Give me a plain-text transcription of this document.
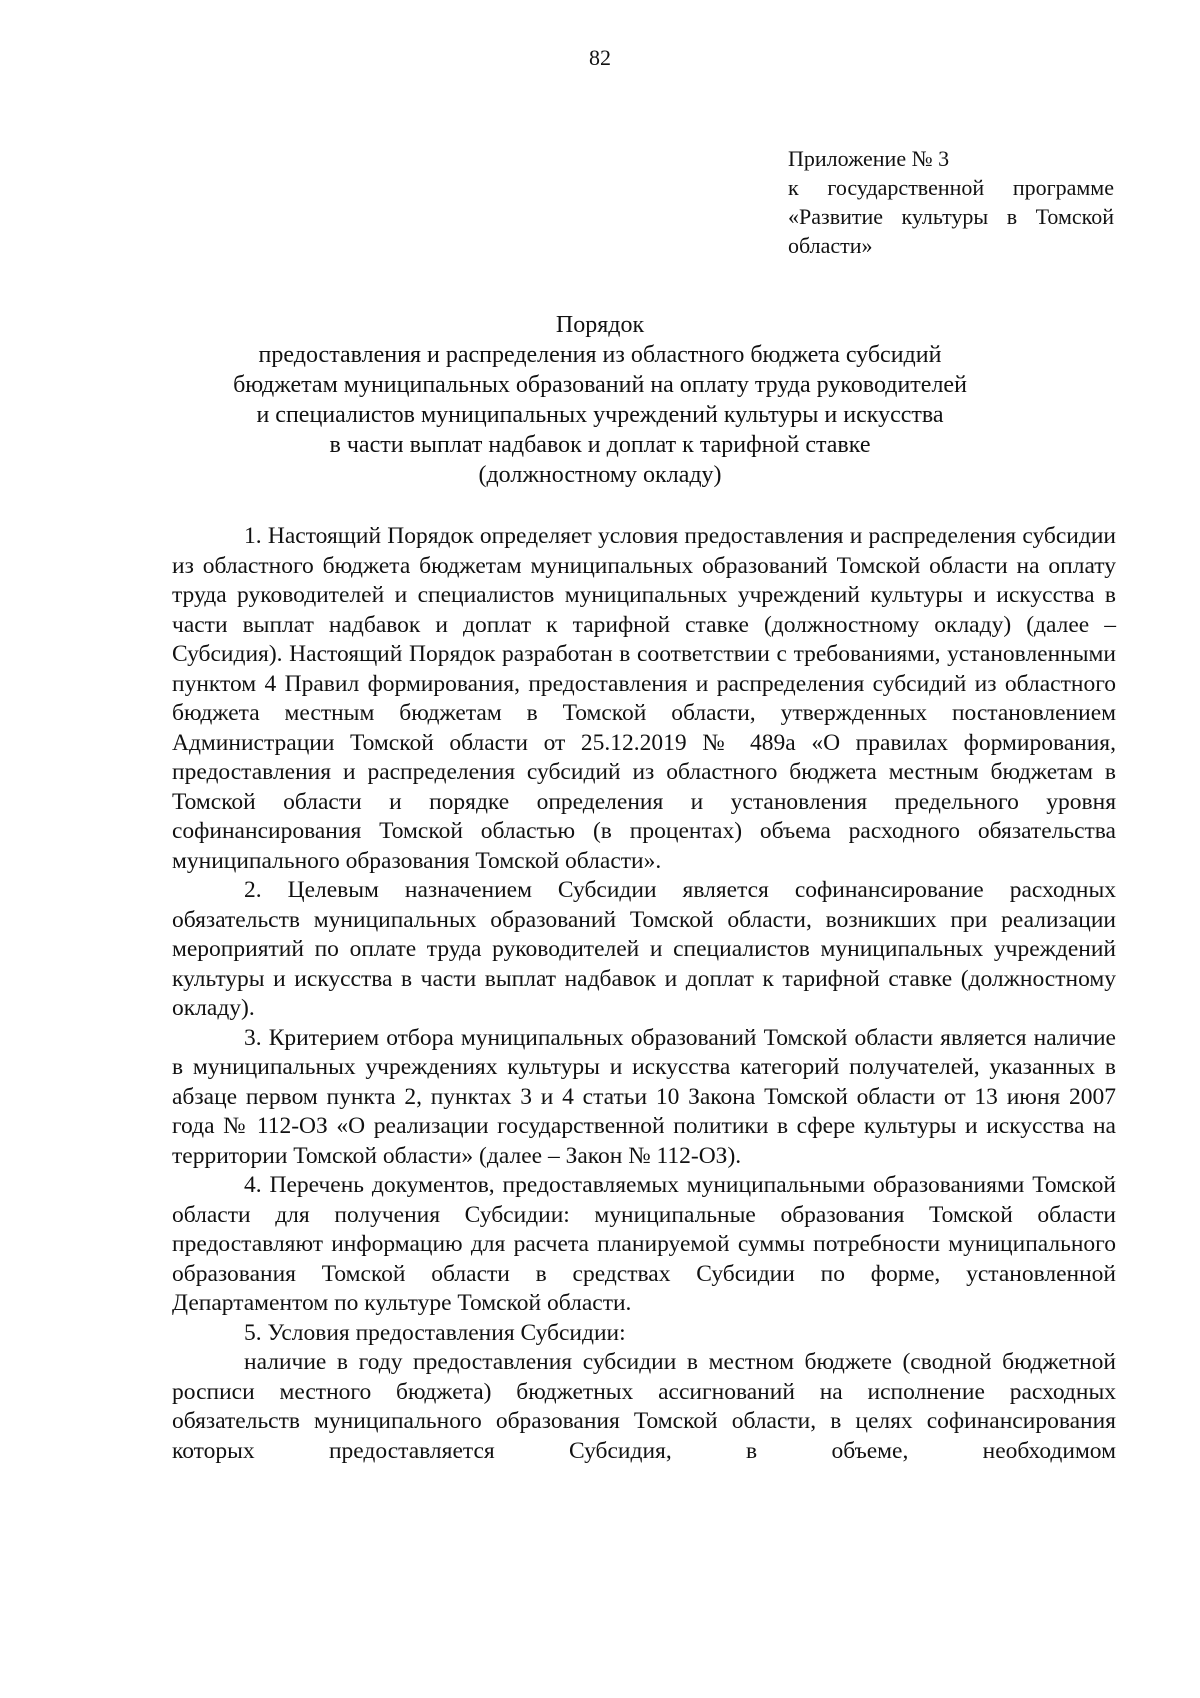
82
Приложение № 3
к государственной программе
«Развитие культуры в Томской
области»
Порядок
предоставления и распределения из областного бюджета субсидий
бюджетам муниципальных образований на оплату труда руководителей
и специалистов муниципальных учреждений культуры и искусства
в части выплат надбавок и доплат к тарифной ставке
(должностному окладу)

1. Настоящий Порядок определяет условия предоставления и распределения субсидии из областного бюджета бюджетам муниципальных образований Томской области на оплату труда руководителей и специалистов муниципальных учреждений культуры и искусства в части выплат надбавок и доплат к тарифной ставке (должностному окладу) (далее – Субсидия). Настоящий Порядок разработан в соответствии с требованиями, установленными пунктом 4 Правил формирования, предоставления и распределения субсидий из областного бюджета местным бюджетам в Томской области, утвержденных постановлением Администрации Томской области от 25.12.2019 № 489а «О правилах формирования, предоставления и распределения субсидий из областного бюджета местным бюджетам в Томской области и порядке определения и установления предельного уровня софинансирования Томской областью (в процентах) объема расходного обязательства муниципального образования Томской области».

2. Целевым назначением Субсидии является софинансирование расходных обязательств муниципальных образований Томской области, возникших при реализации мероприятий по оплате труда руководителей и специалистов муниципальных учреждений культуры и искусства в части выплат надбавок и доплат к тарифной ставке (должностному окладу).

3. Критерием отбора муниципальных образований Томской области является наличие в муниципальных учреждениях культуры и искусства категорий получателей, указанных в абзаце первом пункта 2, пунктах 3 и 4 статьи 10 Закона Томской области от 13 июня 2007 года № 112-ОЗ «О реализации государственной политики в сфере культуры и искусства на территории Томской области» (далее – Закон № 112-ОЗ).

4. Перечень документов, предоставляемых муниципальными образованиями Томской области для получения Субсидии: муниципальные образования Томской области предоставляют информацию для расчета планируемой суммы потребности муниципального образования Томской области в средствах Субсидии по форме, установленной Департаментом по культуре Томской области.

5. Условия предоставления Субсидии:

наличие в году предоставления субсидии в местном бюджете (сводной бюджетной росписи местного бюджета) бюджетных ассигнований на исполнение расходных обязательств муниципального образования Томской области, в целях софинансирования которых предоставляется Субсидия, в объеме, необходимом
